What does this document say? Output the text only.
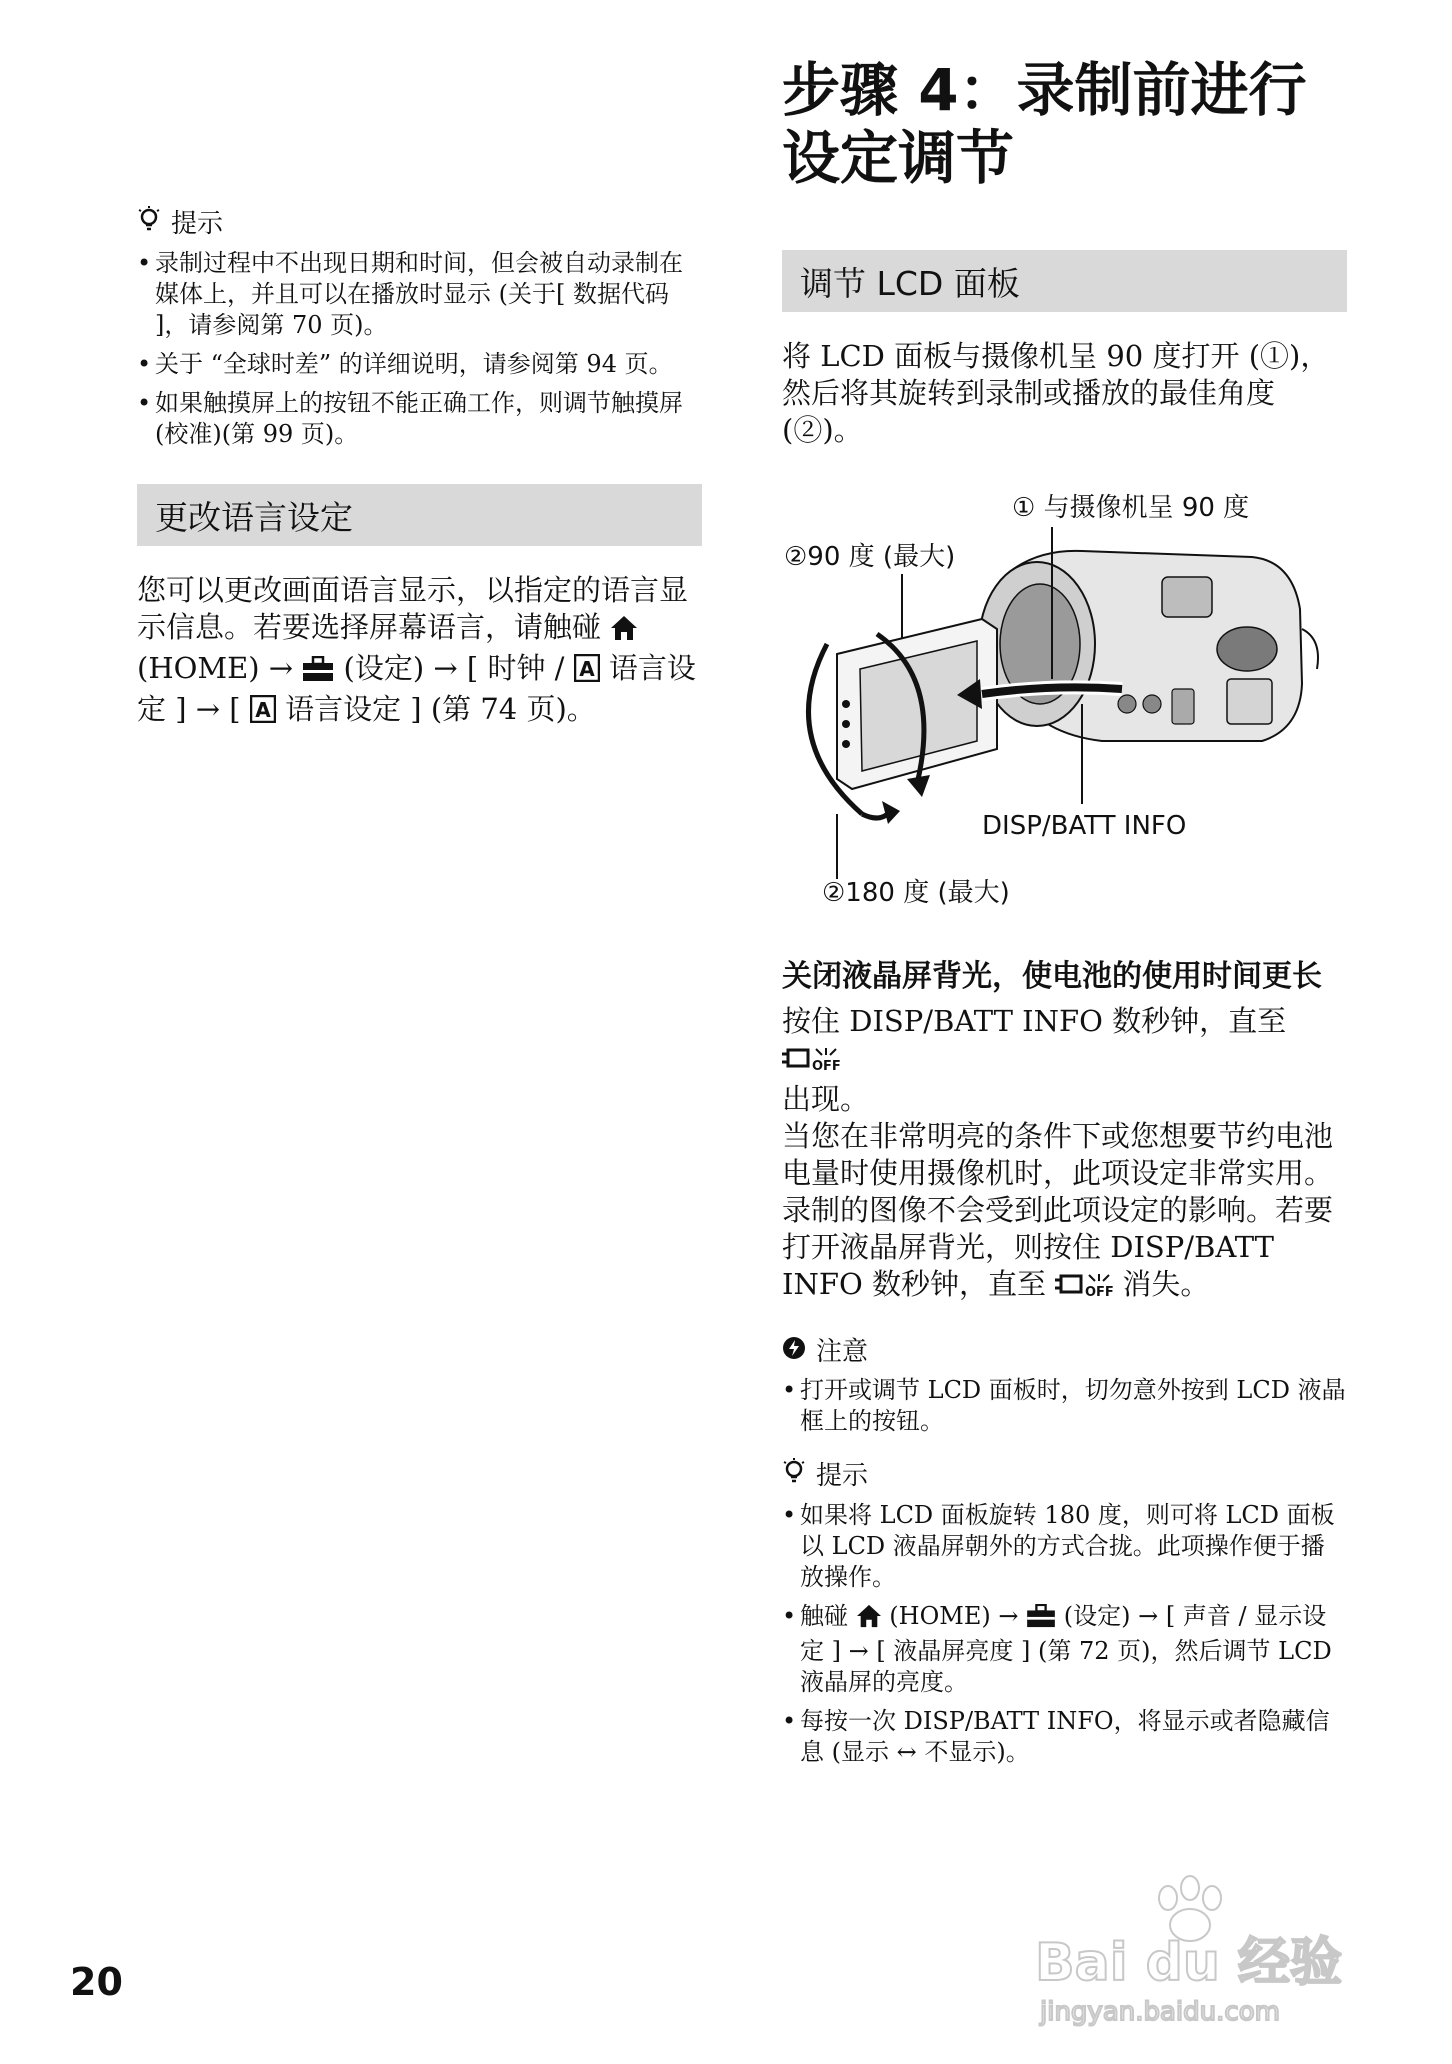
提示
• 录制过程中不出现日期和时间，但会被自动录制在媒体上，并且可以在播放时显示 (关于[ 数据代码 ]，请参阅第 70 页)。
• 关于 “全球时差” 的详细说明，请参阅第 94 页。
• 如果触摸屏上的按钮不能正确工作，则调节触摸屏 (校准)(第 99 页)。
更改语言设定

您可以更改画面语言显示，以指定的语言显示信息。若要选择屏幕语言，请触碰  (HOME) → (设定) → [ 时钟 / A 语言设定 ] → [ A 语言设定 ] (第 74 页)。

步骤 4：录制前进行
设定调节
调节 LCD 面板

将 LCD 面板与摄像机呈 90 度打开 (①)，然后将其旋转到录制或播放的最佳角度 (②)。

① 与摄像机呈 90 度
②90 度 (最大)
DISP/BATT INFO
②180 度 (最大)
关闭液晶屏背光，使电池的使用时间更长

按住 DISP/BATT INFO 数秒钟，直至
OFF

出现。

当您在非常明亮的条件下或您想要节约电池电量时使用摄像机时，此项设定非常实用。录制的图像不会受到此项设定的影响。若要打开液晶屏背光，则按住 DISP/BATT INFO 数秒钟，直至	OFF 消失。

注意
• 打开或调节 LCD 面板时，切勿意外按到 LCD 液晶框上的按钮。
提示
• 如果将 LCD 面板旋转 180 度，则可将 LCD 面板以 LCD 液晶屏朝外的方式合拢。此项操作便于播放操作。
• 触碰 (HOME) → (设定) → [ 声音 / 显示设定 ] → [ 液晶屏亮度 ] (第 72 页)，然后调节 LCD 液晶屏的亮度。
• 每按一次 DISP/BATT INFO，将显示或者隐藏信息 (显示 ↔ 不显示)。
20	Bai du 经验
jingyan.baidu.com
